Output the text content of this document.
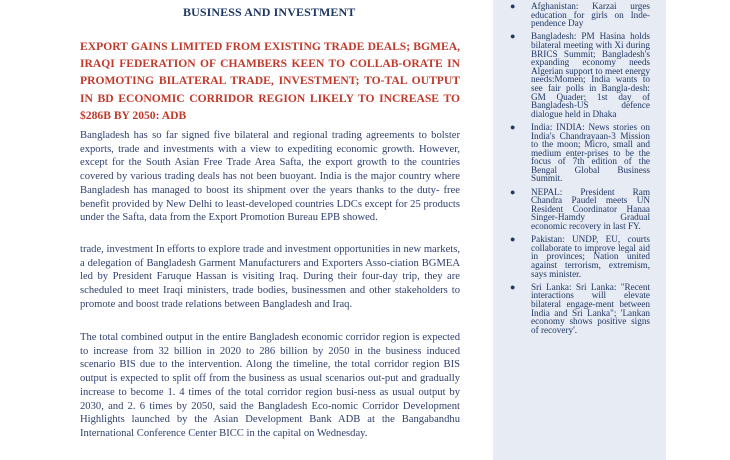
BUSINESS AND INVESTMENT
EXPORT GAINS LIMITED FROM EXISTING TRADE DEALS; BGMEA, IRAQI FEDERATION OF CHAMBERS KEEN TO COLLAB-ORATE IN PROMOTING BILATERAL TRADE, INVESTMENT; TO-TAL OUTPUT IN BD ECONOMIC CORRIDOR REGION LIKELY TO INCREASE TO $286B BY 2050: ADB

Bangladesh has so far signed five bilateral and regional trading agreements to bolster exports, trade and investments with a view to expediting economic growth. However, except for the South Asian Free Trade Area Safta, the export growth to the countries covered by various trading deals has not been buoyant. India is the major country where Bangladesh has managed to boost its shipment over the years thanks to the duty- free benefit provided by New Delhi to least-developed countries LDCs except for 25 products under the Safta, data from the Export Promotion Bureau EPB showed.

trade, investment In efforts to explore trade and investment opportunities in new markets, a delegation of Bangladesh Garment Manufacturers and Exporters Asso-ciation BGMEA led by President Faruque Hassan is visiting Iraq. During their four-day trip, they are scheduled to meet Iraqi ministers, trade bodies, businessmen and other stakeholders to promote and boost trade relations between Bangladesh and Iraq.

The total combined output in the entire Bangladesh economic corridor region is expected to increase from 32 billion in 2020 to 286 billion by 2050 in the business induced scenario BIS due to the intervention. Along the timeline, the total corridor region BIS output is expected to split off from the business as usual scenarios out-put and gradually increase to become 1. 4 times of the total corridor region busi-ness as usual output by 2030, and 2. 6 times by 2050, said the Bangladesh Eco-nomic Corridor Development Highlights launched by the Asian Development Bank ADB at the Bangabandhu International Conference Center BICC in the capital on Wednesday.

● Afghanistan: Karzai urges education for girls on Inde-pendence Day
● Bangladesh: PM Hasina holds bilateral meeting with Xi during BRICS Summit; Bangladesh's expanding economy needs Algerian support to meet energy needs:Momen; India wants to see fair polls in Bangla-desh: GM Quader; 1st day of Bangladesh-US defence dialogue held in Dhaka
● India: INDIA: News stories on India's Chandrayaan-3 Mission to the moon; Micro, small and medium enter-prises to be the focus of 7th edition of the Bengal Global Business Summit.
● NEPAL: President Ram Chandra Paudel meets UN Resident Coordinator Hanaa Singer-Hamdy Gradual economic recovery in last FY.
● Pakistan: UNDP, EU, courts collaborate to improve legal aid in provinces; Nation united against terrorism, extremism, says minister.
● Sri Lanka: Sri Lanka: "Recent interactions will elevate bilateral engage-ment between India and Sri Lanka"; 'Lankan economy shows positive signs of recovery'.
